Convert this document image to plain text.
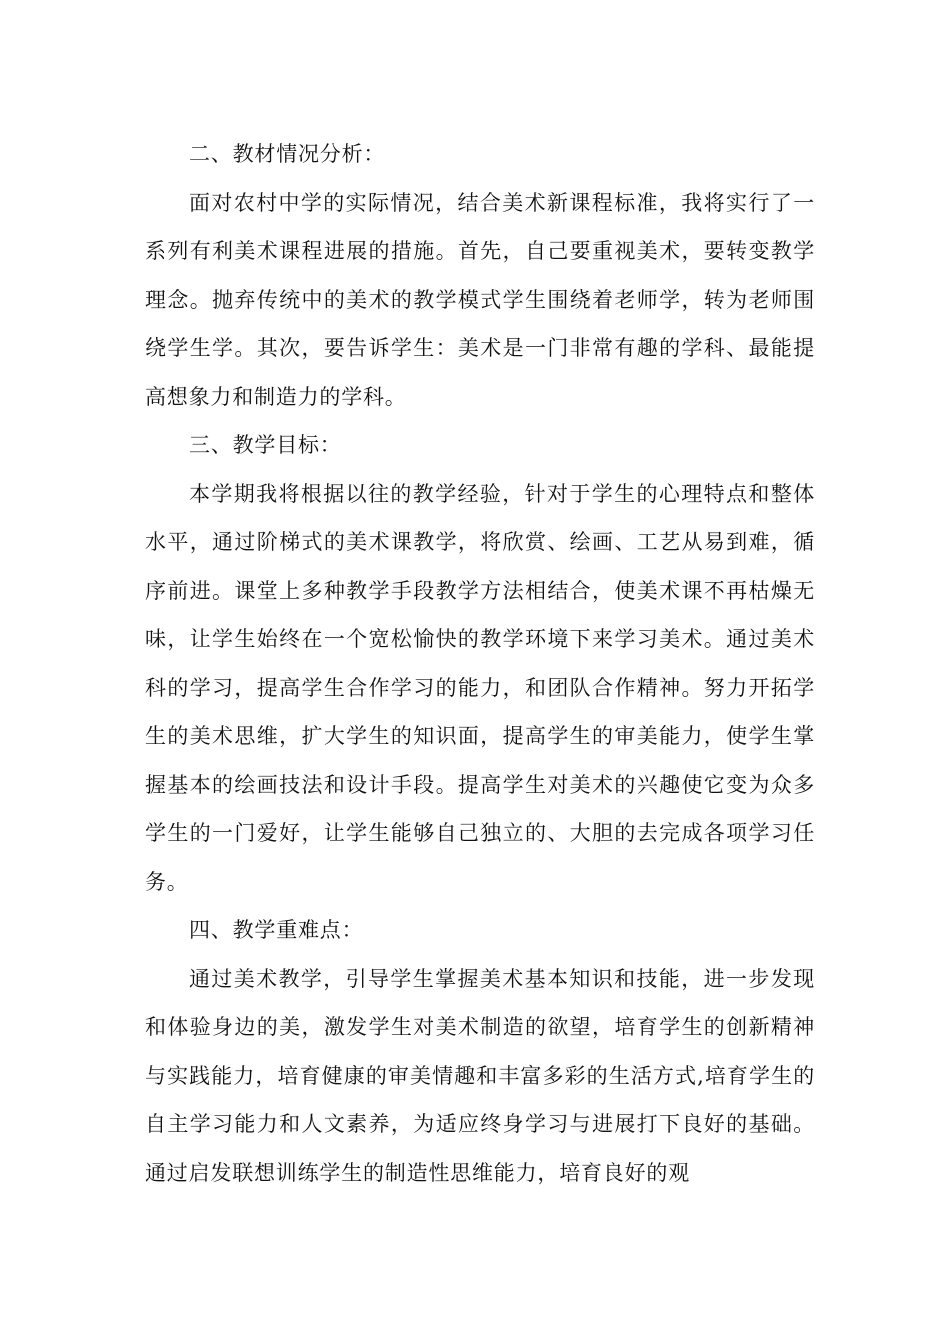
二、教材情况分析：

面对农村中学的实际情况，结合美术新课程标准，我将实行了一系列有利美术课程进展的措施。首先，自己要重视美术，要转变教学理念。抛弃传统中的美术的教学模式学生围绕着老师学，转为老师围绕学生学。其次，要告诉学生：美术是一门非常有趣的学科、最能提高想象力和制造力的学科。

三、教学目标：

本学期我将根据以往的教学经验，针对于学生的心理特点和整体水平，通过阶梯式的美术课教学，将欣赏、绘画、工艺从易到难，循序前进。课堂上多种教学手段教学方法相结合，使美术课不再枯燥无味，让学生始终在一个宽松愉快的教学环境下来学习美术。通过美术科的学习，提高学生合作学习的能力，和团队合作精神。努力开拓学生的美术思维，扩大学生的知识面，提高学生的审美能力，使学生掌握基本的绘画技法和设计手段。提高学生对美术的兴趣使它变为众多学生的一门爱好，让学生能够自己独立的、大胆的去完成各项学习任务。

四、教学重难点：

通过美术教学，引导学生掌握美术基本知识和技能，进一步发现和体验身边的美，激发学生对美术制造的欲望，培育学生的创新精神与实践能力，培育健康的审美情趣和丰富多彩的生活方式,培育学生的自主学习能力和人文素养，为适应终身学习与进展打下良好的基础。通过启发联想训练学生的制造性思维能力，培育良好的观
